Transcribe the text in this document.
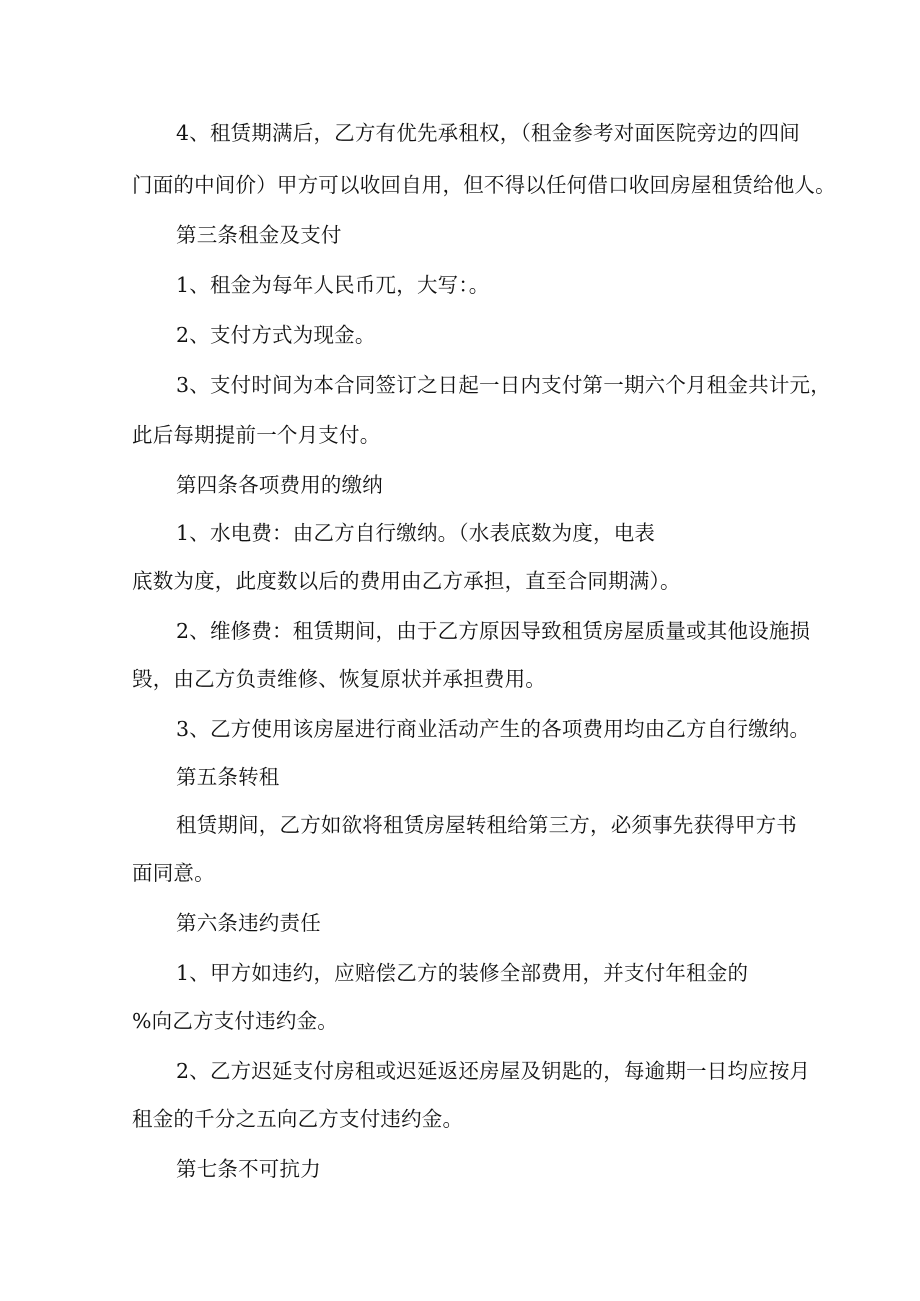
4、租赁期满后，乙方有优先承租权，（租金参考对面医院旁边的四间
门面的中间价）甲方可以收回自用，但不得以任何借口收回房屋租赁给他人。
第三条租金及支付
1、租金为每年人民币兀，大写：。
2、支付方式为现金。
3、支付时间为本合同签订之日起一日内支付第一期六个月租金共计元，
此后每期提前一个月支付。
第四条各项费用的缴纳
1、水电费：由乙方自行缴纳。（水表底数为度，电表
底数为度，此度数以后的费用由乙方承担，直至合同期满）。
2、维修费：租赁期间，由于乙方原因导致租赁房屋质量或其他设施损
毁，由乙方负责维修、恢复原状并承担费用。
3、乙方使用该房屋进行商业活动产生的各项费用均由乙方自行缴纳。
第五条转租
租赁期间，乙方如欲将租赁房屋转租给第三方，必须事先获得甲方书
面同意。
第六条违约责任
1、甲方如违约，应赔偿乙方的装修全部费用，并支付年租金的
%向乙方支付违约金。
2、乙方迟延支付房租或迟延返还房屋及钥匙的，每逾期一日均应按月
租金的千分之五向乙方支付违约金。
第七条不可抗力
